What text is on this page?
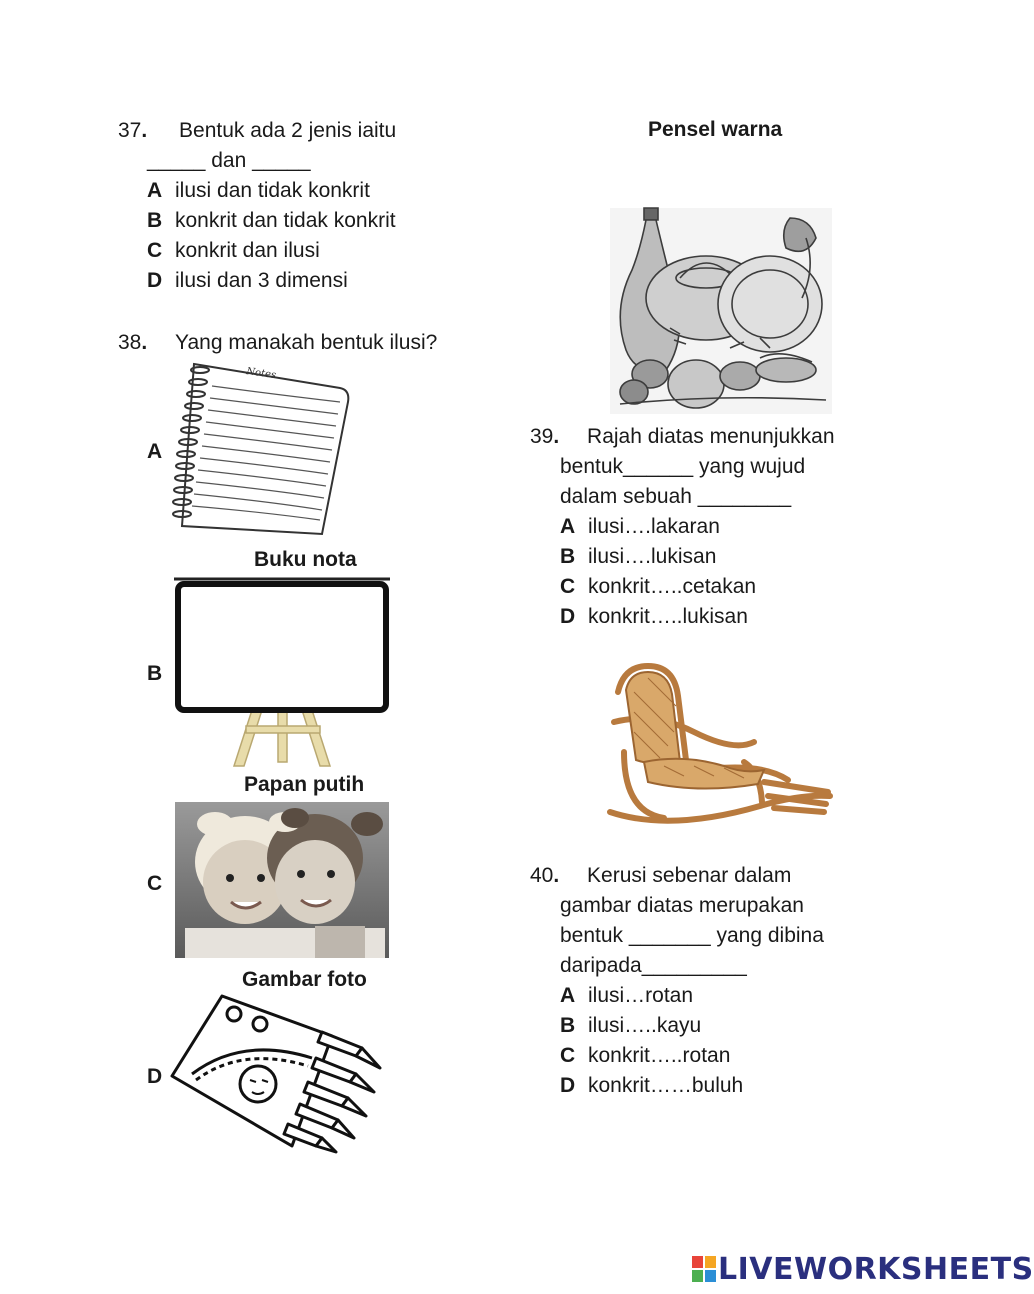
37. Bentuk ada 2 jenis iaitu
_____ dan _____
A ilusi dan tidak konkrit
B konkrit dan tidak konkrit
C konkrit dan ilusi
D ilusi dan 3 dimensi
38. Yang manakah bentuk ilusi?
A
Notes
Buku nota
B
Papan putih
C
Gambar foto
D
Pensel warna
39. Rajah diatas menunjukkan
bentuk______ yang wujud
dalam sebuah ________
A ilusi….lakaran
B ilusi….lukisan
C konkrit…..cetakan
D konkrit…..lukisan
40. Kerusi sebenar dalam
gambar diatas merupakan
bentuk _______ yang dibina
daripada_________
A ilusi…rotan
B ilusi…..kayu
C konkrit…..rotan
D konkrit……buluh
LIVEWORKSHEETS
